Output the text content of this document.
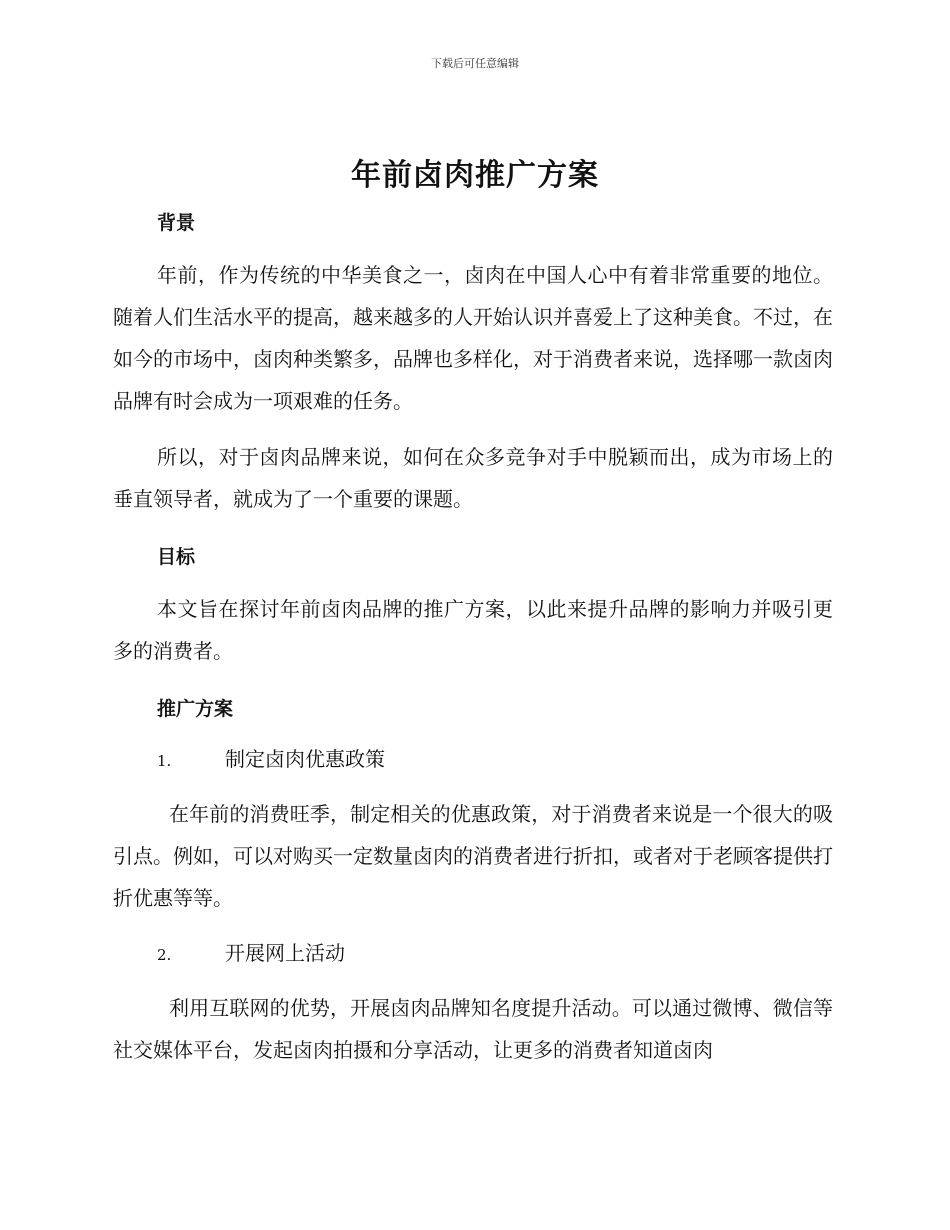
下载后可任意编辑
年前卤肉推广方案
背景

年前，作为传统的中华美食之一，卤肉在中国人心中有着非常重要的地位。随着人们生活水平的提高，越来越多的人开始认识并喜爱上了这种美食。不过，在如今的市场中，卤肉种类繁多，品牌也多样化，对于消费者来说，选择哪一款卤肉品牌有时会成为一项艰难的任务。

所以，对于卤肉品牌来说，如何在众多竞争对手中脱颖而出，成为市场上的垂直领导者，就成为了一个重要的课题。

目标

本文旨在探讨年前卤肉品牌的推广方案，以此来提升品牌的影响力并吸引更多的消费者。

推广方案
1.	制定卤肉优惠政策

在年前的消费旺季，制定相关的优惠政策，对于消费者来说是一个很大的吸引点。例如，可以对购买一定数量卤肉的消费者进行折扣，或者对于老顾客提供打折优惠等等。

2.	开展网上活动

利用互联网的优势，开展卤肉品牌知名度提升活动。可以通过微博、微信等社交媒体平台，发起卤肉拍摄和分享活动，让更多的消费者知道卤肉
